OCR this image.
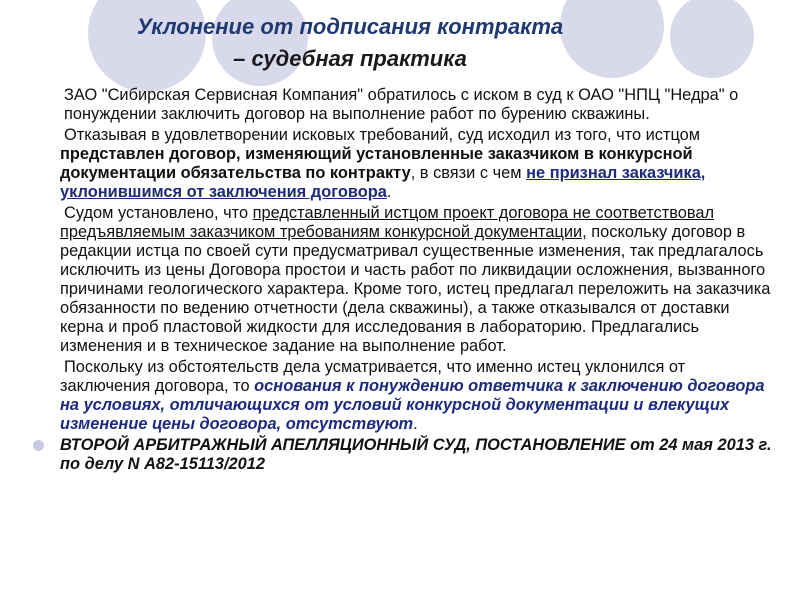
Уклонение от подписания контракта
– судебная практика

ЗАО "Сибирская Сервисная Компания" обратилось с иском в суд к ОАО "НПЦ "Недра" о понуждении заключить договор на выполнение работ по бурению скважины.

Отказывая в удовлетворении исковых требований, суд исходил из того, что истцом представлен договор, изменяющий установленные заказчиком в конкурсной документации обязательства по контракту, в связи с чем не признал заказчика, уклонившимся от заключения договора.

Судом установлено, что представленный истцом проект договора не соответствовал предъявляемым заказчиком требованиям конкурсной документации, поскольку договор в редакции истца по своей сути предусматривал существенные изменения, так предлагалось исключить из цены Договора простои и часть работ по ликвидации осложнения, вызванного причинами геологического характера. Кроме того, истец предлагал переложить на заказчика обязанности по ведению отчетности (дела скважины), а также отказывался от доставки керна и проб пластовой жидкости для исследования в лабораторию. Предлагались изменения и в техническое задание на выполнение работ.

Поскольку из обстоятельств дела усматривается, что именно истец уклонился от заключения договора, то основания к понуждению ответчика к заключению договора на условиях, отличающихся от условий конкурсной документации и влекущих изменение цены договора, отсутствуют.

ВТОРОЙ АРБИТРАЖНЫЙ АПЕЛЛЯЦИОННЫЙ СУД, ПОСТАНОВЛЕНИЕ от 24 мая 2013 г. по делу N А82-15113/2012
